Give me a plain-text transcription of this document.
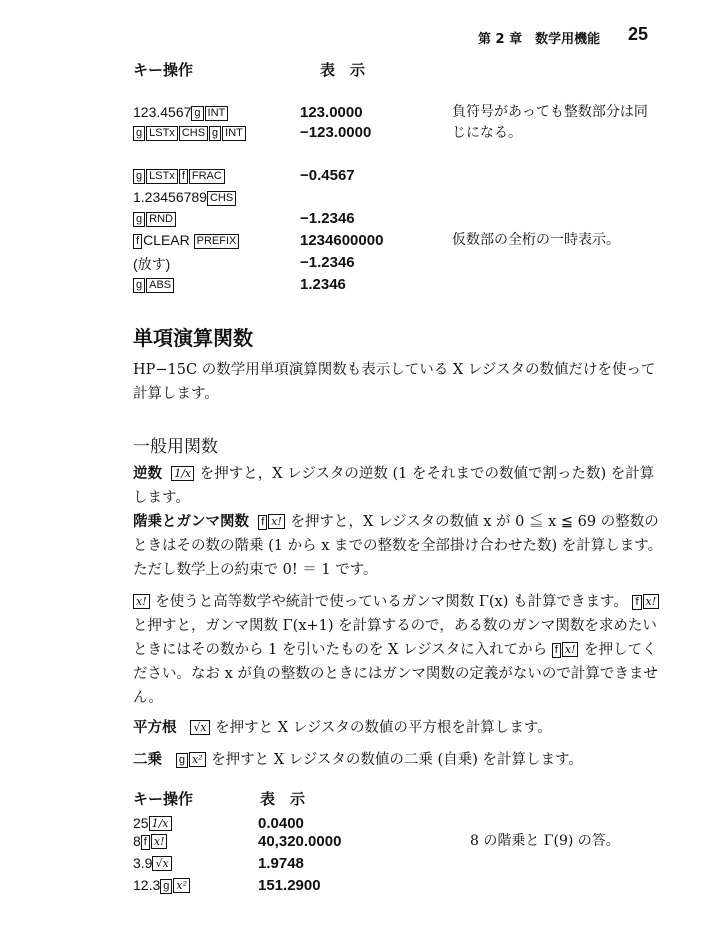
第 2 章　数学用機能 25
キー操作	表　示
123.4567 g INT	123.0000	負符号があっても整数部分は同じになる。
g LSTx CHS g INT	−123.0000
g LSTx f FRAC	−0.4567
1.23456789 CHS
g RND	−1.2346
f CLEAR PREFIX	1234600000	仮数部の全桁の一時表示。
(放す)	−1.2346
g ABS	1.2346
単項演算関数
HP−15C の数学用単項演算関数も表示している X レジスタの数値だけを使って計算します。
一般用関数
逆数 1/x を押すと，X レジスタの逆数 (1 をそれまでの数値で割った数) を計算します。
階乗とガンマ関数 f x! を押すと，X レジスタの数値 x が 0 ≦ x ≦ 69 の整数のときはその数の階乗 (1 から x までの整数を全部掛け合わせた数) を計算します。ただし数学上の約束で 0! ＝ 1 です。
x! を使うと高等数学や統計で使っているガンマ関数 Γ(x) も計算できます。 f x! と押すと，ガンマ関数 Γ(x+1) を計算するので，ある数のガンマ関数を求めたいときにはその数から 1 を引いたものを X レジスタに入れてから f x! を押してください。なお x が負の整数のときにはガンマ関数の定義がないので計算できません。
平方根 √x を押すと X レジスタの数値の平方根を計算します。
二乗 g x² を押すと X レジスタの数値の二乗 (自乗) を計算します。
キー操作	表　示
25 1/x	0.0400
8 f x!	40,320.0000	8 の階乗と Γ(9) の答。
3.9 √x	1.9748
12.3 g x²	151.2900
